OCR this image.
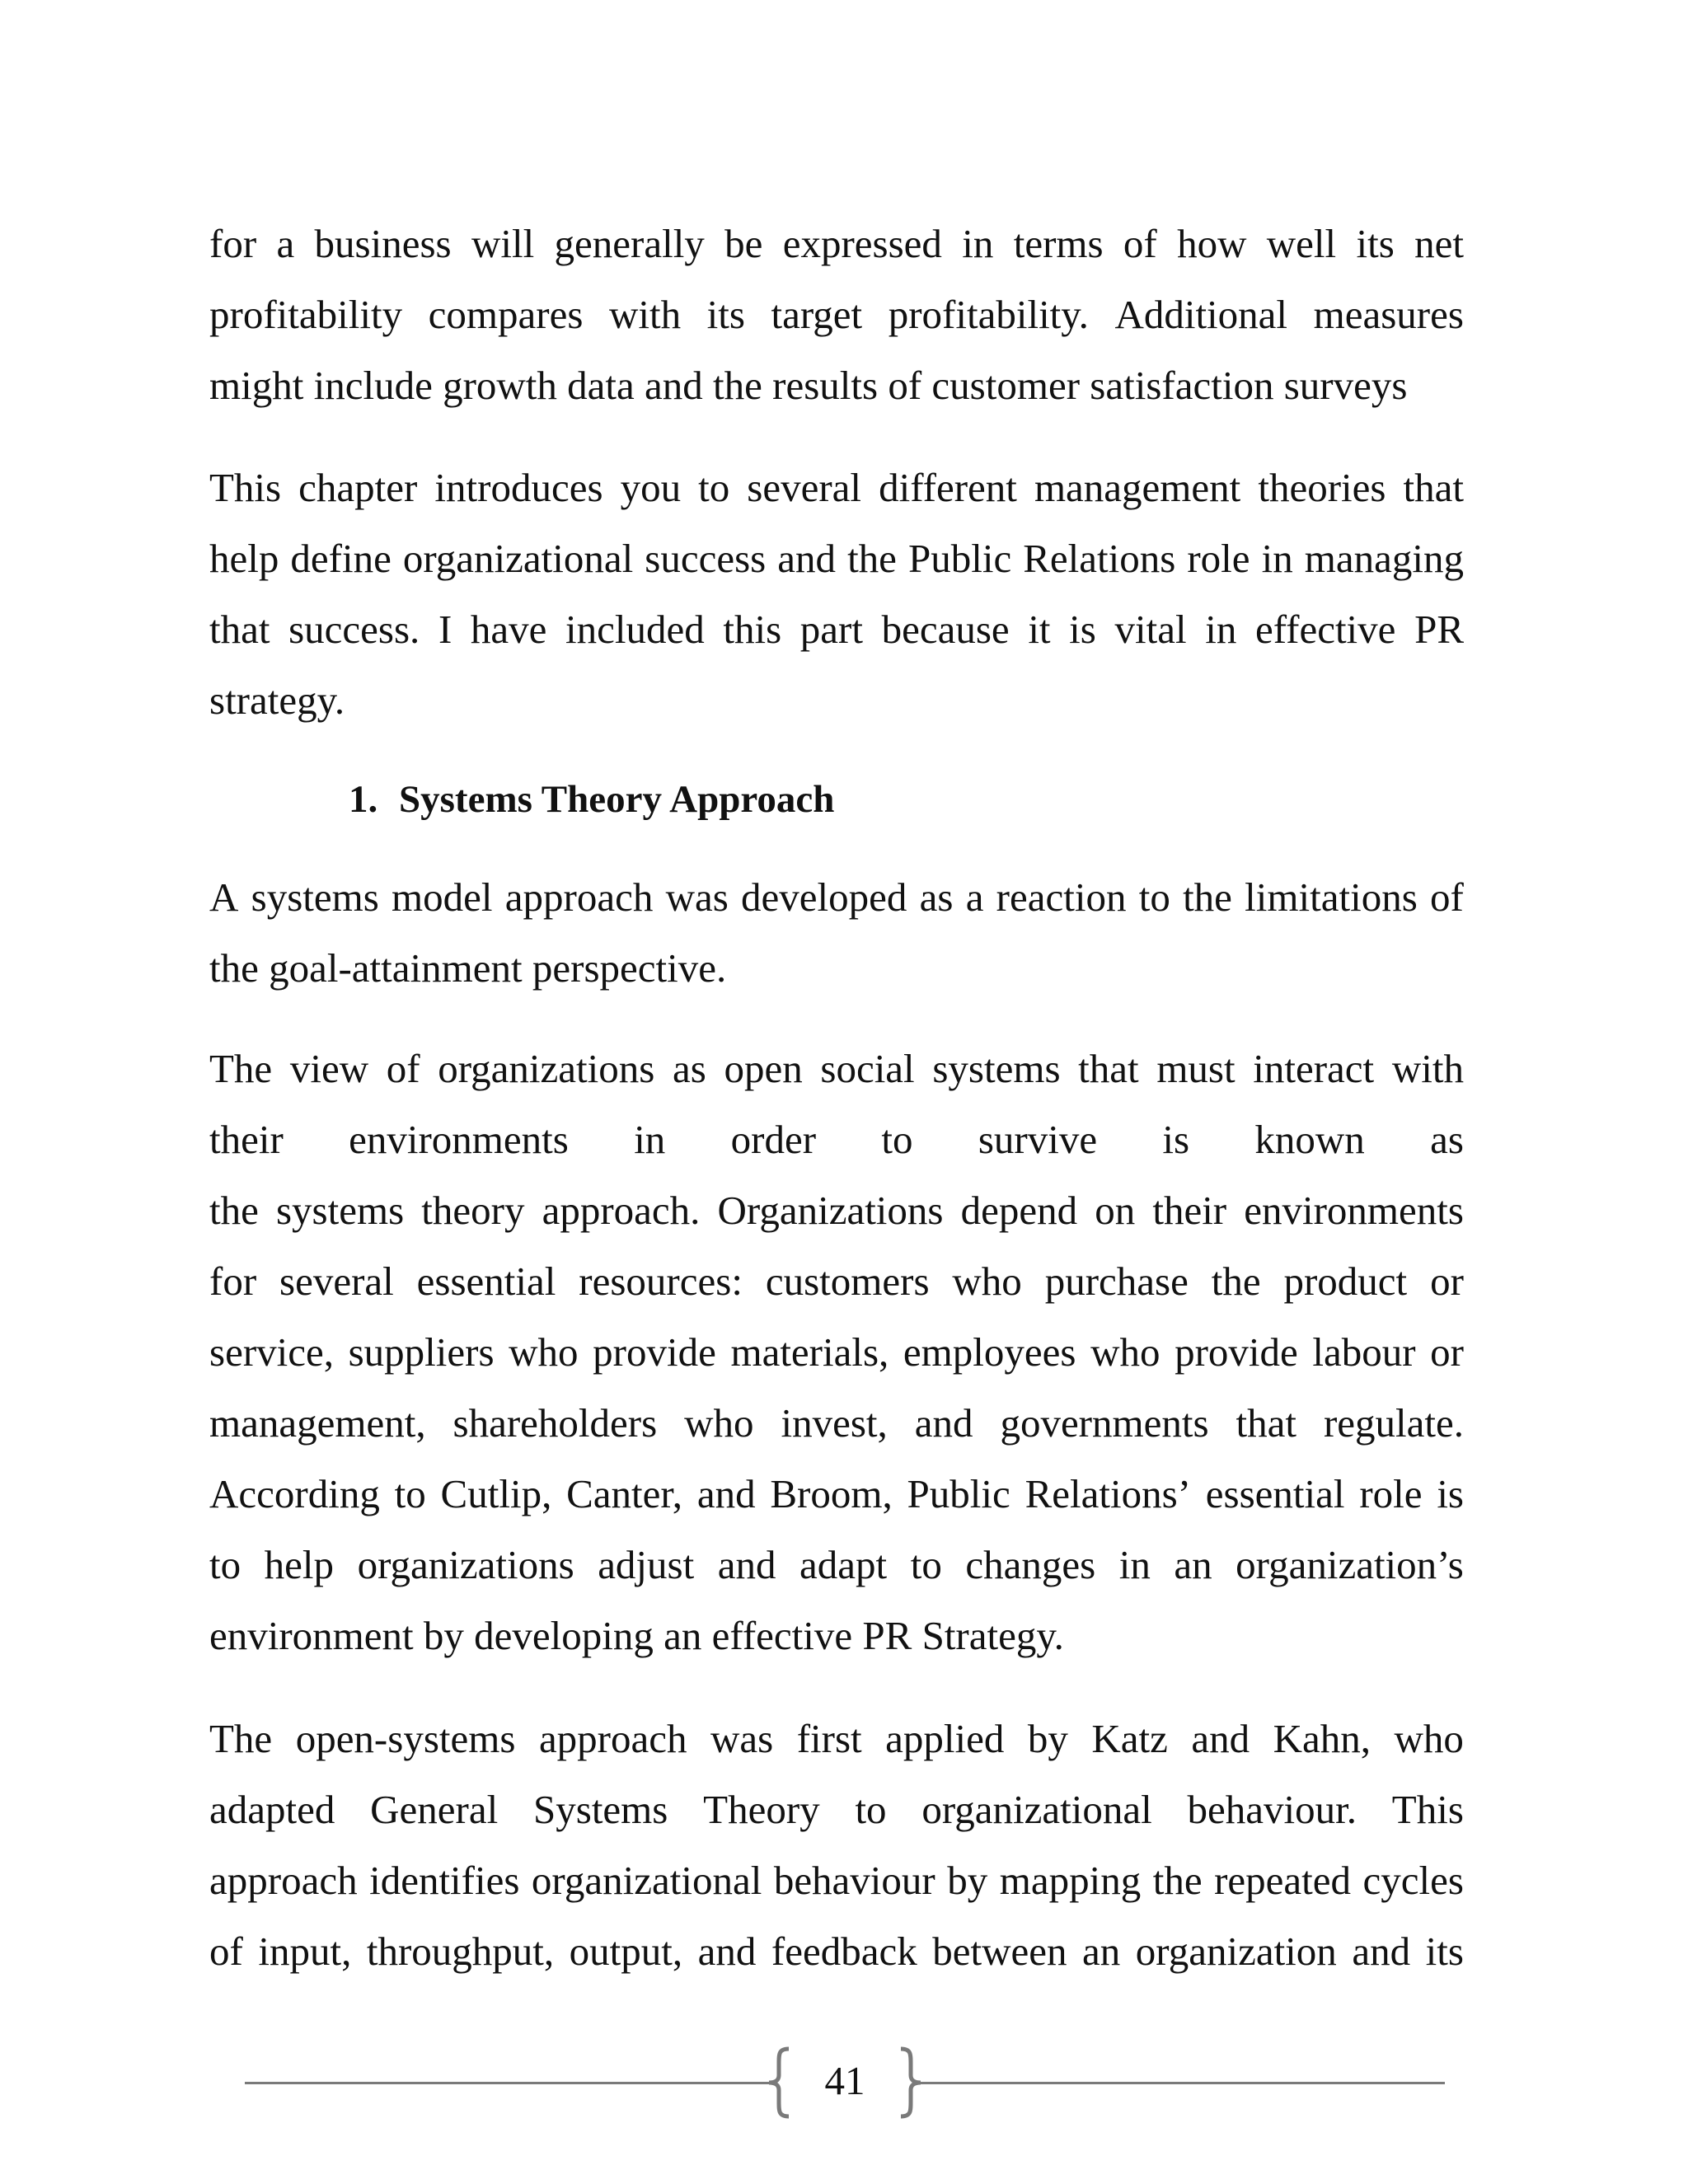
for a business will generally be expressed in terms of how well its net
profitability compares with its target profitability. Additional measures
might include growth data and the results of customer satisfaction surveys
This chapter introduces you to several different management theories that
help define organizational success and the Public Relations role in managing
that success. I have included this part because it is vital in effective PR
strategy.
1. Systems Theory Approach
A systems model approach was developed as a reaction to the limitations of
the goal-attainment perspective.
The view of organizations as open social systems that must interact with
their environments in order to survive is known as
the systems theory approach. Organizations depend on their environments
for several essential resources: customers who purchase the product or
service, suppliers who provide materials, employees who provide labour or
management, shareholders who invest, and governments that regulate.
According to Cutlip, Canter, and Broom, Public Relations’ essential role is
to help organizations adjust and adapt to changes in an organization’s
environment by developing an effective PR Strategy.
The open-systems approach was first applied by Katz and Kahn, who
adapted General Systems Theory to organizational behaviour. This
approach identifies organizational behaviour by mapping the repeated cycles
of input, throughput, output, and feedback between an organization and its
41
